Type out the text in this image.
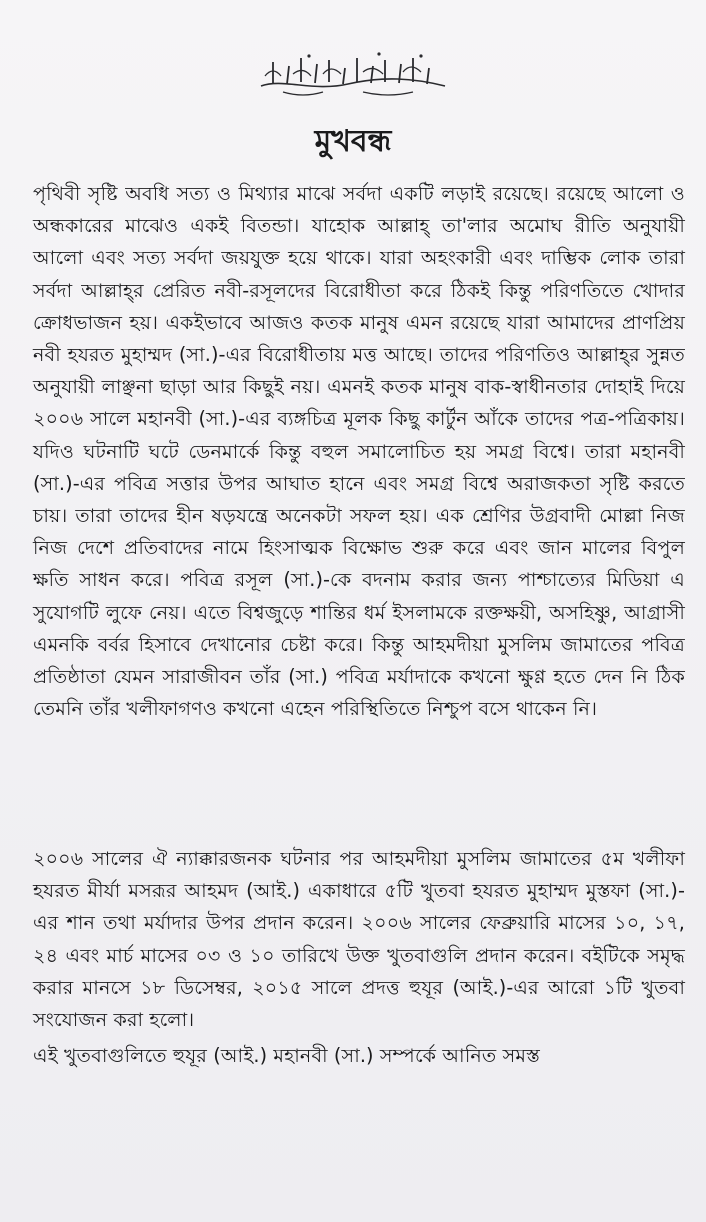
মুখবন্ধ

পৃথিবী সৃষ্টি অবধি সত্য ও মিথ্যার মাঝে সর্বদা একটি লড়াই রয়েছে। রয়েছে আলো ও অন্ধকারের মাঝেও একই বিতন্ডা। যাহোক আল্লাহ্ তা'লার অমোঘ রীতি অনুযায়ী আলো এবং সত্য সর্বদা জয়যুক্ত হয়ে থাকে। যারা অহংকারী এবং দাম্ভিক লোক তারা সর্বদা আল্লাহ্‌র প্রেরিত নবী-রসূলদের বিরোধীতা করে ঠিকই কিন্তু পরিণতিতে খোদার ক্রোধভাজন হয়। একইভাবে আজও কতক মানুষ এমন রয়েছে যারা আমাদের প্রাণপ্রিয় নবী হযরত মুহাম্মদ (সা.)-এর বিরোধীতায় মত্ত আছে। তাদের পরিণতিও আল্লাহ্‌র সুন্নত অনুযায়ী লাঞ্ছনা ছাড়া আর কিছুই নয়। এমনই কতক মানুষ বাক-স্বাধীনতার দোহাই দিয়ে ২০০৬ সালে মহানবী (সা.)-এর ব্যঙ্গচিত্র মূলক কিছু কার্টুন আঁকে তাদের পত্র-পত্রিকায়। যদিও ঘটনাটি ঘটে ডেনমার্কে কিন্তু বহুল সমালোচিত হয় সমগ্র বিশ্বে। তারা মহানবী (সা.)-এর পবিত্র সত্তার উপর আঘাত হানে এবং সমগ্র বিশ্বে অরাজকতা সৃষ্টি করতে চায়। তারা তাদের হীন ষড়যন্ত্রে অনেকটা সফল হয়। এক শ্রেণির উগ্রবাদী মোল্লা নিজ নিজ দেশে প্রতিবাদের নামে হিংসাত্মক বিক্ষোভ শুরু করে এবং জান মালের বিপুল ক্ষতি সাধন করে। পবিত্র রসূল (সা.)-কে বদনাম করার জন্য পাশ্চাত্যের মিডিয়া এ সুযোগটি লুফে নেয়। এতে বিশ্বজুড়ে শান্তির ধর্ম ইসলামকে রক্তক্ষয়ী, অসহিষ্ণু, আগ্রাসী এমনকি বর্বর হিসাবে দেখানোর চেষ্টা করে। কিন্তু আহমদীয়া মুসলিম জামাতের পবিত্র প্রতিষ্ঠাতা যেমন সারাজীবন তাঁর (সা.) পবিত্র মর্যাদাকে কখনো ক্ষুণ্ণ হতে দেন নি ঠিক তেমনি তাঁর খলীফাগণও কখনো এহেন পরিস্থিতিতে নিশ্চুপ বসে থাকেন নি।

২০০৬ সালের ঐ ন্যাক্কারজনক ঘটনার পর আহমদীয়া মুসলিম জামাতের ৫ম খলীফা হযরত মীর্যা মসরূর আহমদ (আই.) একাধারে ৫টি খুতবা হযরত মুহাম্মদ মুস্তফা (সা.)-এর শান তথা মর্যাদার উপর প্রদান করেন। ২০০৬ সালের ফেব্রুয়ারি মাসের ১০, ১৭, ২৪ এবং মার্চ মাসের ০৩ ও ১০ তারিখে উক্ত খুতবাগুলি প্রদান করেন। বইটিকে সমৃদ্ধ করার মানসে ১৮ ডিসেম্বর, ২০১৫ সালে প্রদত্ত হুযূর (আই.)-এর আরো ১টি খুতবা সংযোজন করা হলো।

এই খুতবাগুলিতে হুযূর (আই.) মহানবী (সা.) সম্পর্কে আনিত সমস্ত
